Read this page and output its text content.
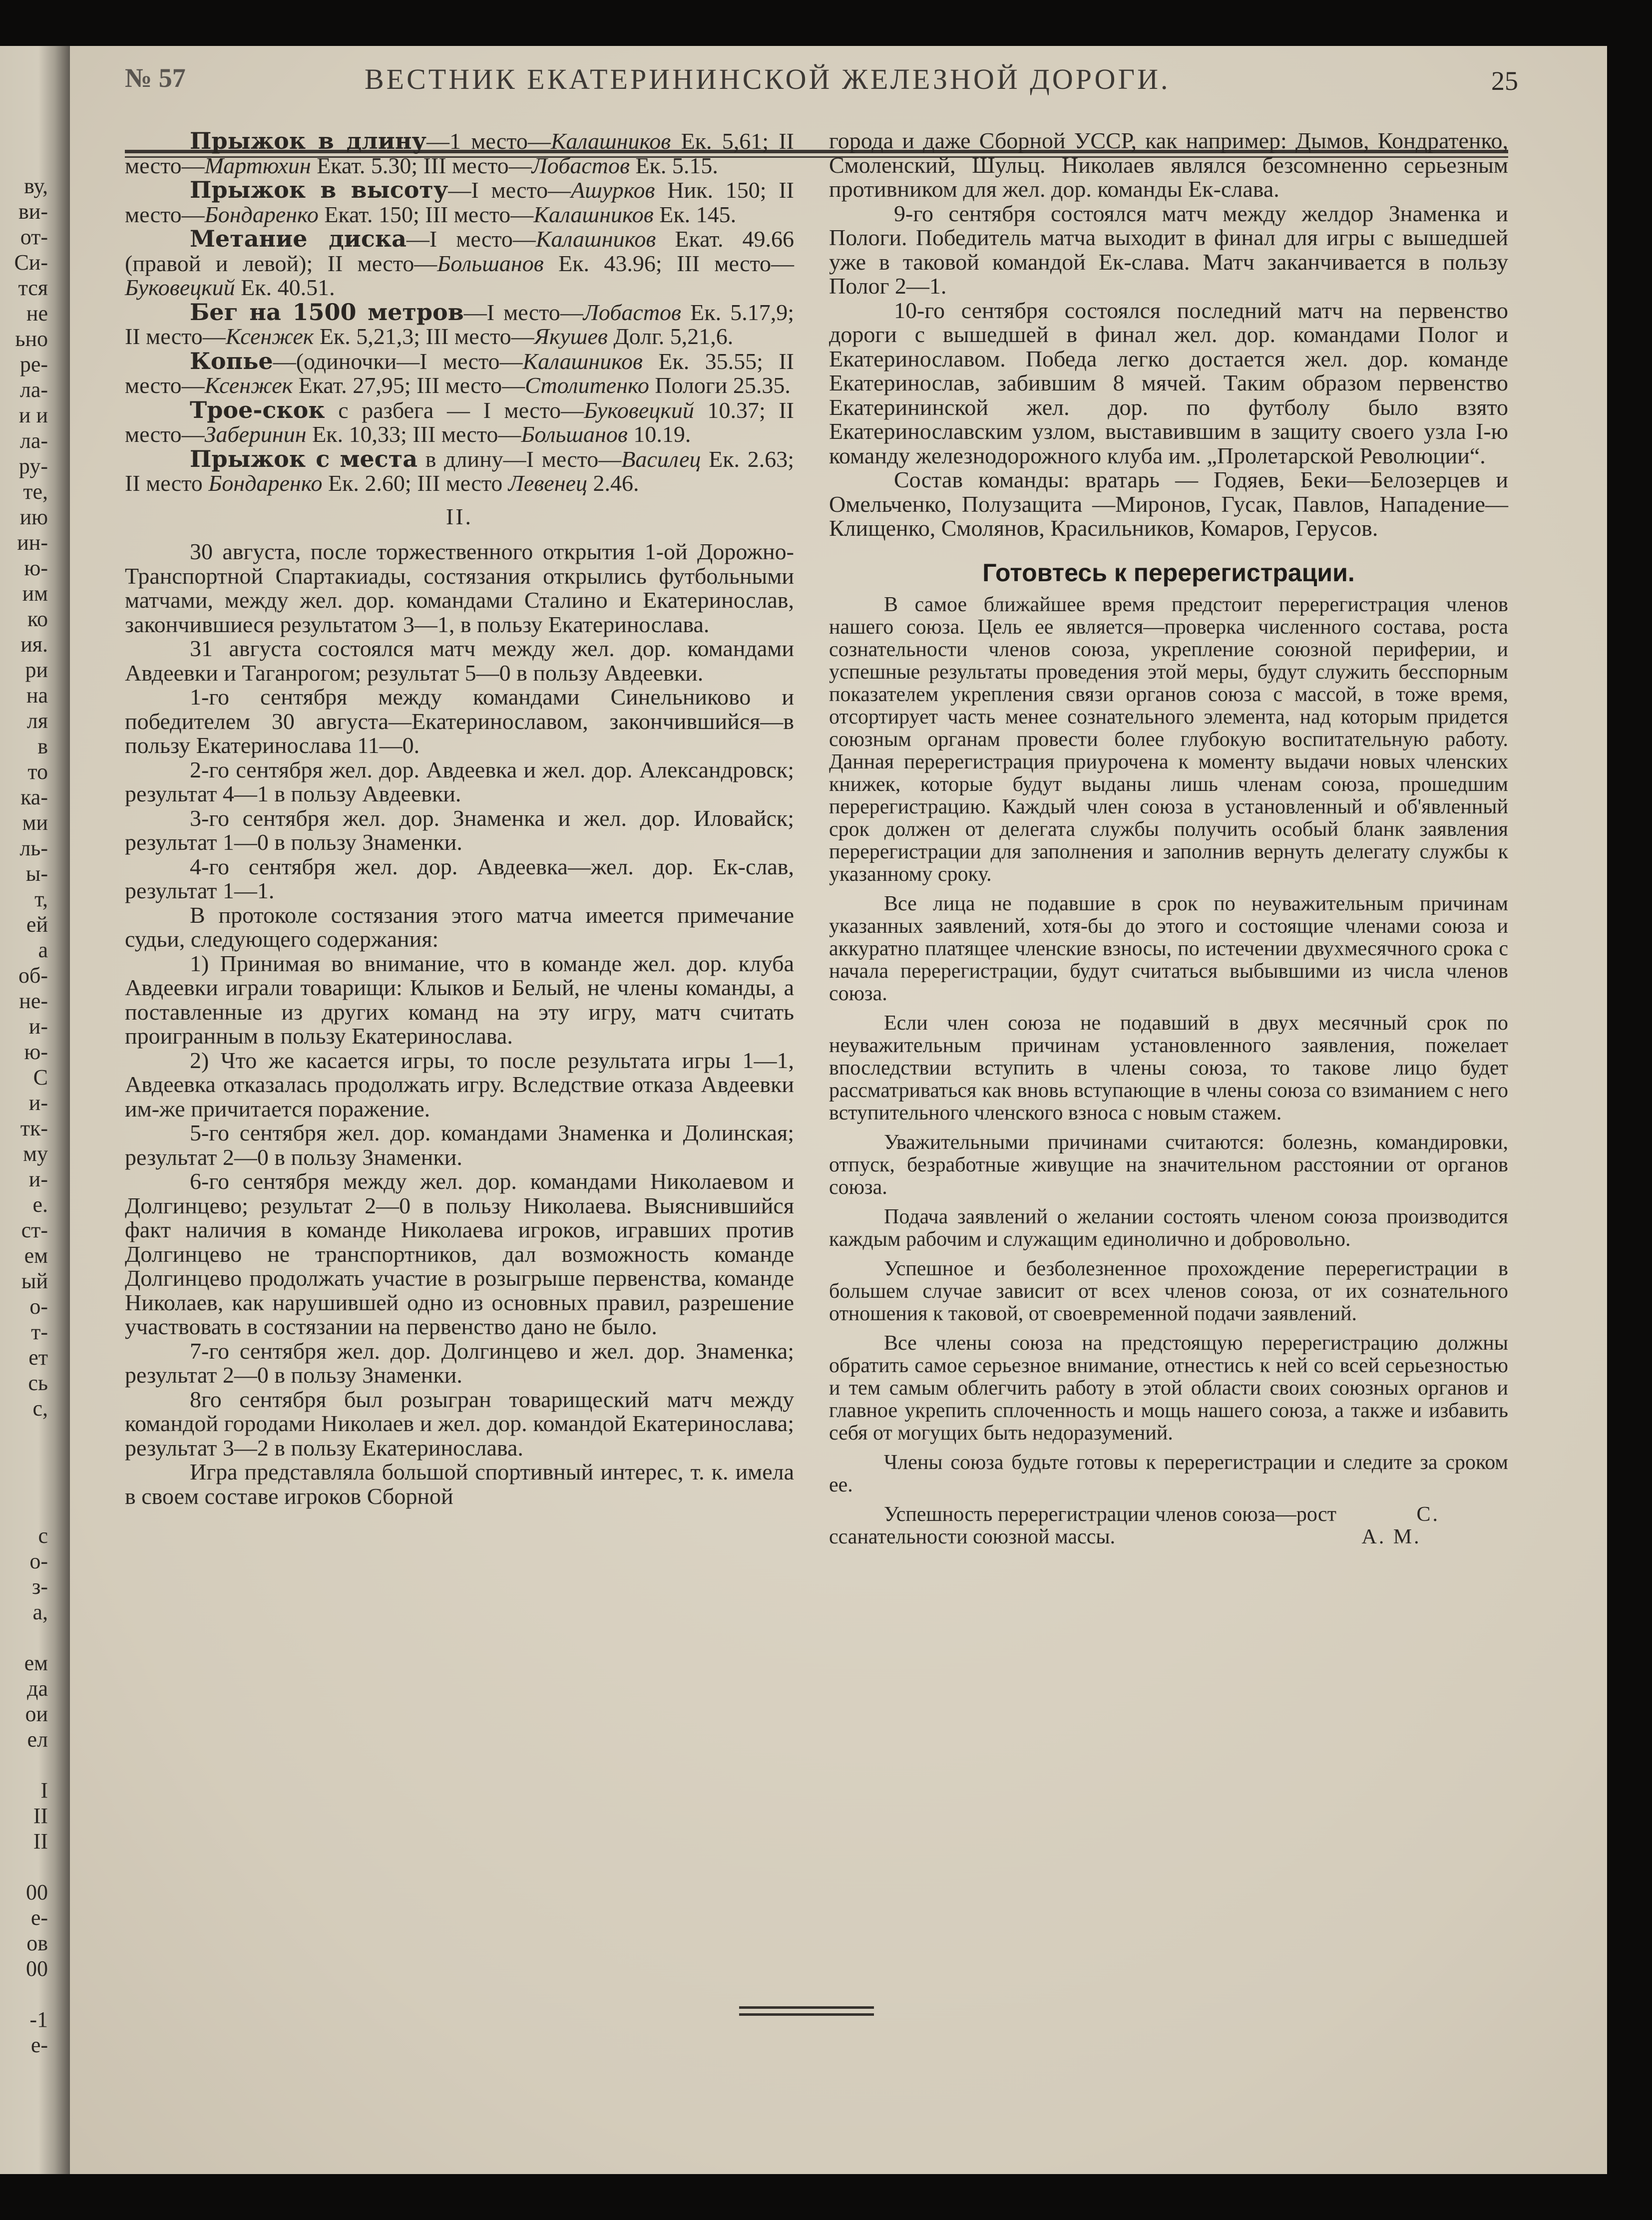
ву,
ви-
от-
Си-
тся
не
ьно
ре-
ла-
и и
ла-
ру-
те,
ию
ин-
ю-
им
ко
ия.
ри
на
ля
в
то
ка-
ми
ль-
ы-
т,
ей
а
об-
не-
и-
ю-
С
и-
тк-
му
и-
е.
ст-
ем
ый
о-
т-
ет
сь
с,
с
о-
з-
а,
ем
да
ои
ел
I
II
II
00
е-
ов
00
-1
е-
№ 57	ВЕСТНИК ЕКАТЕРИНИНСКОЙ ЖЕЛЕЗНОЙ ДОРОГИ.	25

Прыжок в длину—1 место—Калашников Ек. 5,61; II место—Мартюхин Екат. 5.30; III место—Лобастов Ек. 5.15.

Прыжок в высоту—I место—Ашурков Ник. 150; II место—Бондаренко Екат. 150; III место—Калашников Ек. 145.

Метание диска—I место—Калашников Екат. 49.66 (правой и левой); II место—Большанов Ек. 43.96; III место—Буковецкий Ек. 40.51.

Бег на 1500 метров—I место—Лобастов Ек. 5.17,9; II место—Ксенжек Ек. 5,21,3; III место—Якушев Долг. 5,21,6.

Копье—(одиночки—I место—Калашников Ек. 35.55; II место—Ксенжек Екат. 27,95; III место—Столитенко Пологи 25.35.

Трое-скок с разбега — I место—Буковецкий 10.37; II место—Заберинин Ек. 10,33; III место—Большанов 10.19.

Прыжок с места в длину—I место—Василец Ек. 2.63; II место Бондаренко Ек. 2.60; III место Левенец 2.46.

II.

30 августа, после торжественного открытия 1-ой Дорожно-Транспортной Спартакиады, состязания открылись футбольными матчами, между жел. дор. командами Сталино и Екатеринослав, закончившиеся результатом 3—1, в пользу Екатеринослава.

31 августа состоялся матч между жел. дор. командами Авдеевки и Таганрогом; результат 5—0 в пользу Авдеевки.

1-го сентября между командами Синельниково и победителем 30 августа—Екатеринославом, закончившийся—в пользу Екатеринослава 11—0.

2-го сентября жел. дор. Авдеевка и жел. дор. Александровск; результат 4—1 в пользу Авдеевки.

3-го сентября жел. дор. Знаменка и жел. дор. Иловайск; результат 1—0 в пользу Знаменки.

4-го сентября жел. дор. Авдеевка—жел. дор. Ек-слав, результат 1—1.

В протоколе состязания этого матча имеется примечание судьи, следующего содержания:

1) Принимая во внимание, что в команде жел. дор. клуба Авдеевки играли товарищи: Клыков и Белый, не члены команды, а поставленные из других команд на эту игру, матч считать проигранным в пользу Екатеринослава.

2) Что же касается игры, то после результата игры 1—1, Авдеевка отказалась продолжать игру. Вследствие отказа Авдеевки им-же причитается поражение.

5-го сентября жел. дор. командами Знаменка и Долинская; результат 2—0 в пользу Знаменки.

6-го сентября между жел. дор. командами Николаевом и Долгинцево; результат 2—0 в пользу Николаева. Выяснившийся факт наличия в команде Николаева игроков, игравших против Долгинцево не транспортников, дал возможность команде Долгинцево продолжать участие в розыгрыше первенства, команде Николаев, как нарушившей одно из основных правил, разрешение участвовать в состязании на первенство дано не было.

7-го сентября жел. дор. Долгинцево и жел. дор. Знаменка; результат 2—0 в пользу Знаменки.

8го сентября был розыгран товарищеский матч между командой городами Николаев и жел. дор. командой Екатеринослава; результат 3—2 в пользу Екатеринослава.

Игра представляла большой спортивный интерес, т. к. имела в своем составе игроков Сборной

города и даже Сборной УССР, как например: Дымов, Кондратенко, Смоленский, Шульц. Николаев являлся безсомненно серьезным противником для жел. дор. команды Ек-слава.

9-го сентября состоялся матч между желдор Знаменка и Пологи. Победитель матча выходит в финал для игры с вышедшей уже в таковой командой Ек-слава. Матч заканчивается в пользу Полог 2—1.

10-го сентября состоялся последний матч на первенство дороги с вышедшей в финал жел. дор. командами Полог и Екатеринославом. Победа легко достается жел. дор. команде Екатеринослав, забившим 8 мячей. Таким образом первенство Екатерининской жел. дор. по футболу было взято Екатеринославским узлом, выставившим в защиту своего узла I-ю команду железнодорожного клуба им. „Пролетарской Революции“.

Состав команды: вратарь — Годяев, Беки—Белозерцев и Омельченко, Полузащита —Миронов, Гусак, Павлов, Нападение—Клищенко, Смолянов, Красильников, Комаров, Герусов.

Готовтесь к перерегистрации.

В самое ближайшее время предстоит перерегистрация членов нашего союза. Цель ее является—проверка численного состава, роста сознательности членов союза, укрепление союзной периферии, и успешные результаты проведения этой меры, будут служить бесспорным показателем укрепления связи органов союза с массой, в тоже время, отсортирует часть менее сознательного элемента, над которым придется союзным органам провести более глубокую воспитательную работу. Данная перерегистрация приурочена к моменту выдачи новых членских книжек, которые будут выданы лишь членам союза, прошедшим перерегистрацию. Каждый член союза в установленный и об'явленный срок должен от делегата службы получить особый бланк заявления перерегистрации для заполнения и заполнив вернуть делегату службы к указанному сроку.

Все лица не подавшие в срок по неуважительным причинам указанных заявлений, хотя-бы до этого и состоящие членами союза и аккуратно платящее членские взносы, по истечении двухмесячного срока с начала перерегистрации, будут считаться выбывшими из числа членов союза.

Если член союза не подавший в двух месячный срок по неуважительным причинам установленного заявления, пожелает впоследствии вступить в члены союза, то такове лицо будет рассматриваться как вновь вступающие в члены союза со взиманием с него вступительного членского взноса с новым стажем.

Уважительными причинами считаются: болезнь, командировки, отпуск, безработные живущие на значительном расстоянии от органов союза.

Подача заявлений о желании состоять членом союза производится каждым рабочим и служащим единолично и добровольно.

Успешное и безболезненное прохождение перерегистрации в большем случае зависит от всех членов союза, от их сознательного отношения к таковой, от своевременной подачи заявлений.

Все члены союза на предстоящую перерегистрацию должны обратить самое серьезное внимание, отнестись к ней со всей серьезностью и тем самым облегчить работу в этой области своих союзных органов и главное укрепить сплоченность и мощь нашего союза, а также и избавить себя от могущих быть недоразумений.

Члены союза будьте готовы к перерегистрации и следите за сроком ее.

Успешность перерегистрации членов союза—рост ссанательности союзной массы.
С. А. М.
